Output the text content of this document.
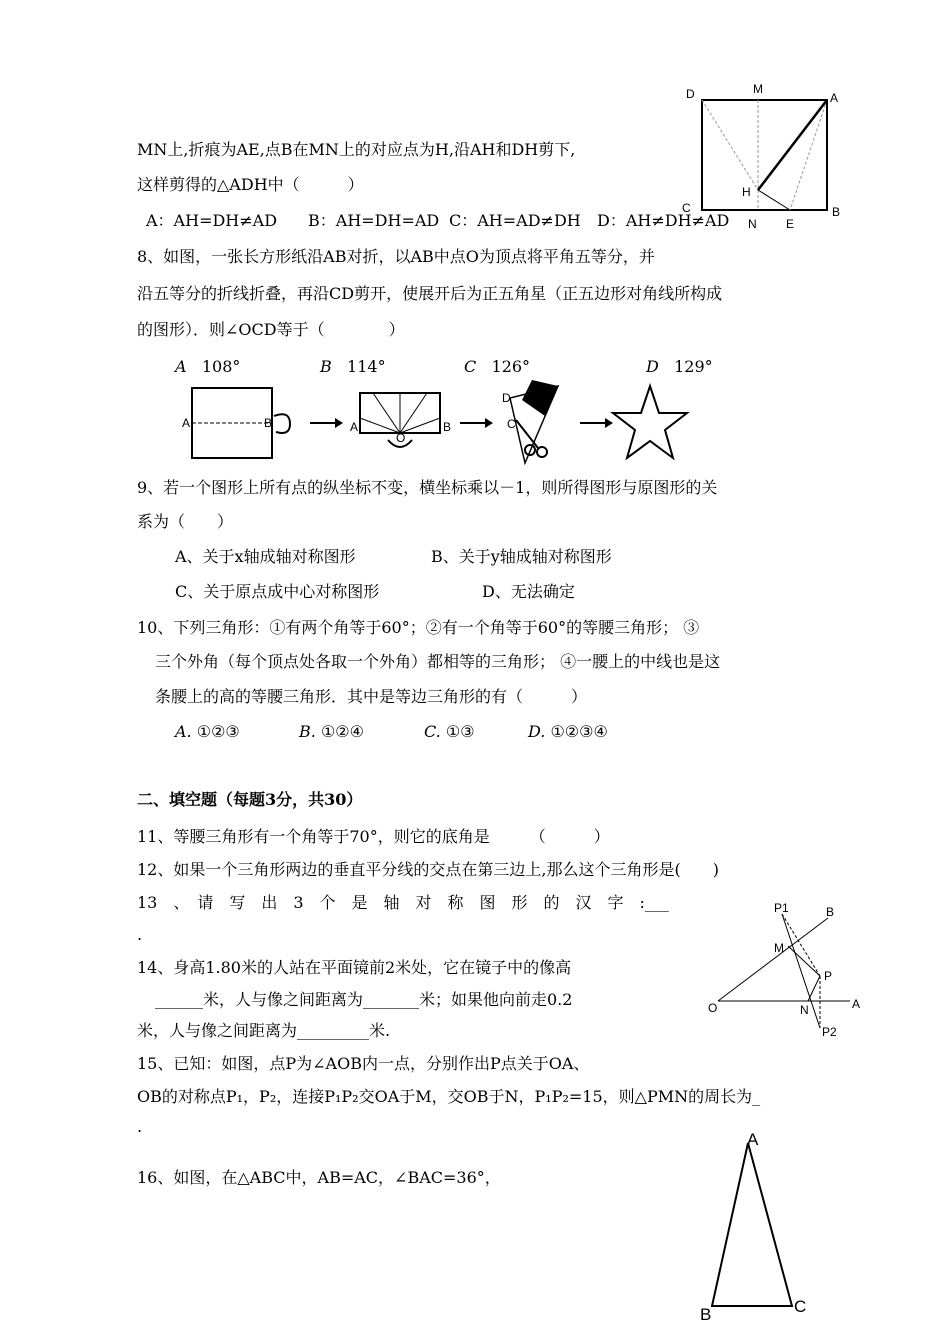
D	M
A
H
C
N E
B
MN上,折痕为AE,点B在MN上的对应点为H,沿AH和DH剪下,
这样剪得的△ADH中（　　　）
A：AH=DH≠AD B：AH=DH=AD C：AH=AD≠DH D：AH≠DH≠AD
8、如图，一张长方形纸沿AB对折，以AB中点O为顶点将平角五等分，并
沿五等分的折线折叠，再沿CD剪开，使展开后为正五角星（正五边形对角线所构成
的图形）．则∠OCD等于（　　　　）
A 108°	B 114°	C 126°	D 129°
A	B	A	B
O
D
C
9、若一个图形上所有点的纵坐标不变，横坐标乘以－1，则所得图形与原图形的关
系为（　　）
A、关于x轴成轴对称图形	B、关于y轴成轴对称图形
C、关于原点成中心对称图形	D、无法确定
10、下列三角形：①有两个角等于60°；②有一个角等于60°的等腰三角形； ③
三个外角（每个顶点处各取一个外角）都相等的三角形； ④一腰上的中线也是这
条腰上的高的等腰三角形．其中是等边三角形的有（　　　）
A. ①②③	B. ①②④	C. ①③	D. ①②③④
二、填空题（每题3分，共30）
11、等腰三角形有一个角等于70°，则它的底角是　　　（　　　）
12、如果一个三角形两边的垂直平分线的交点在第三边上,那么这个三角形是(　　)
13　、　请　写　出　3　个　是　轴　对　称　图　形　的　汉　字　:___
.
P1	B
M
P
O	N	A
P2
14、身高1.80米的人站在平面镜前2米处，它在镜子中的像高
______米，人与像之间距离为_______米；如果他向前走0.2
米，人与像之间距离为_________米.
15、已知：如图，点P为∠AOB内一点，分别作出P点关于OA、
OB的对称点P₁，P₂，连接P₁P₂交OA于M，交OB于N，P₁P₂=15，则△PMN的周长为_
.
16、如图，在△ABC中，AB=AC，∠BAC=36°，
A
B	C
